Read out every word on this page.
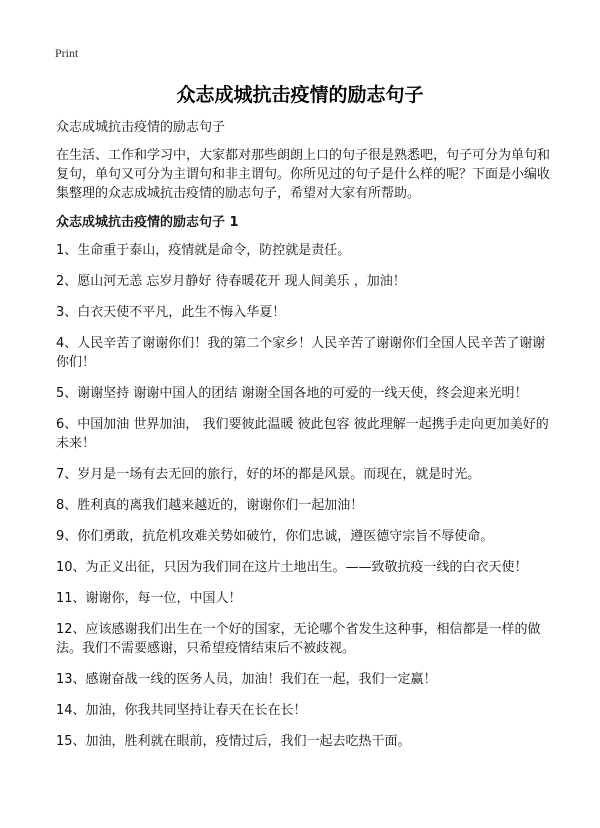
Print
众志成城抗击疫情的励志句子

众志成城抗击疫情的励志句子

在生活、工作和学习中，大家都对那些朗朗上口的句子很是熟悉吧，句子可分为单句和复句，单句又可分为主谓句和非主谓句。你所见过的句子是什么样的呢？下面是小编收集整理的众志成城抗击疫情的励志句子，希望对大家有所帮助。

众志成城抗击疫情的励志句子 1

1、生命重于泰山，疫情就是命令，防控就是责任。
2、愿山河无恙 忘岁月静好 待春暖花开 现人间美乐 ，加油！
3、白衣天使不平凡，此生不悔入华夏！
4、人民辛苦了谢谢你们！我的第二个家乡！人民辛苦了谢谢你们全国人民辛苦了谢谢你们！
5、谢谢坚持 谢谢中国人的团结 谢谢全国各地的可爱的一线天使，终会迎来光明！
6、中国加油 世界加油， 我们要彼此温暖 彼此包容 彼此理解一起携手走向更加美好的未来！
7、岁月是一场有去无回的旅行，好的坏的都是风景。而现在，就是时光。
8、胜利真的离我们越来越近的，谢谢你们一起加油！
9、你们勇敢，抗危机攻难关势如破竹，你们忠诚，遵医德守宗旨不辱使命。
10、为正义出征，只因为我们同在这片土地出生。——致敬抗疫一线的白衣天使！
11、谢谢你，每一位，中国人！
12、应该感谢我们出生在一个好的国家，无论哪个省发生这种事，相信都是一样的做法。我们不需要感谢，只希望疫情结束后不被歧视。
13、感谢奋战一线的医务人员，加油！我们在一起，我们一定赢！
14、加油，你我共同坚持让春天在长在长！
15、加油，胜利就在眼前，疫情过后，我们一起去吃热干面。
